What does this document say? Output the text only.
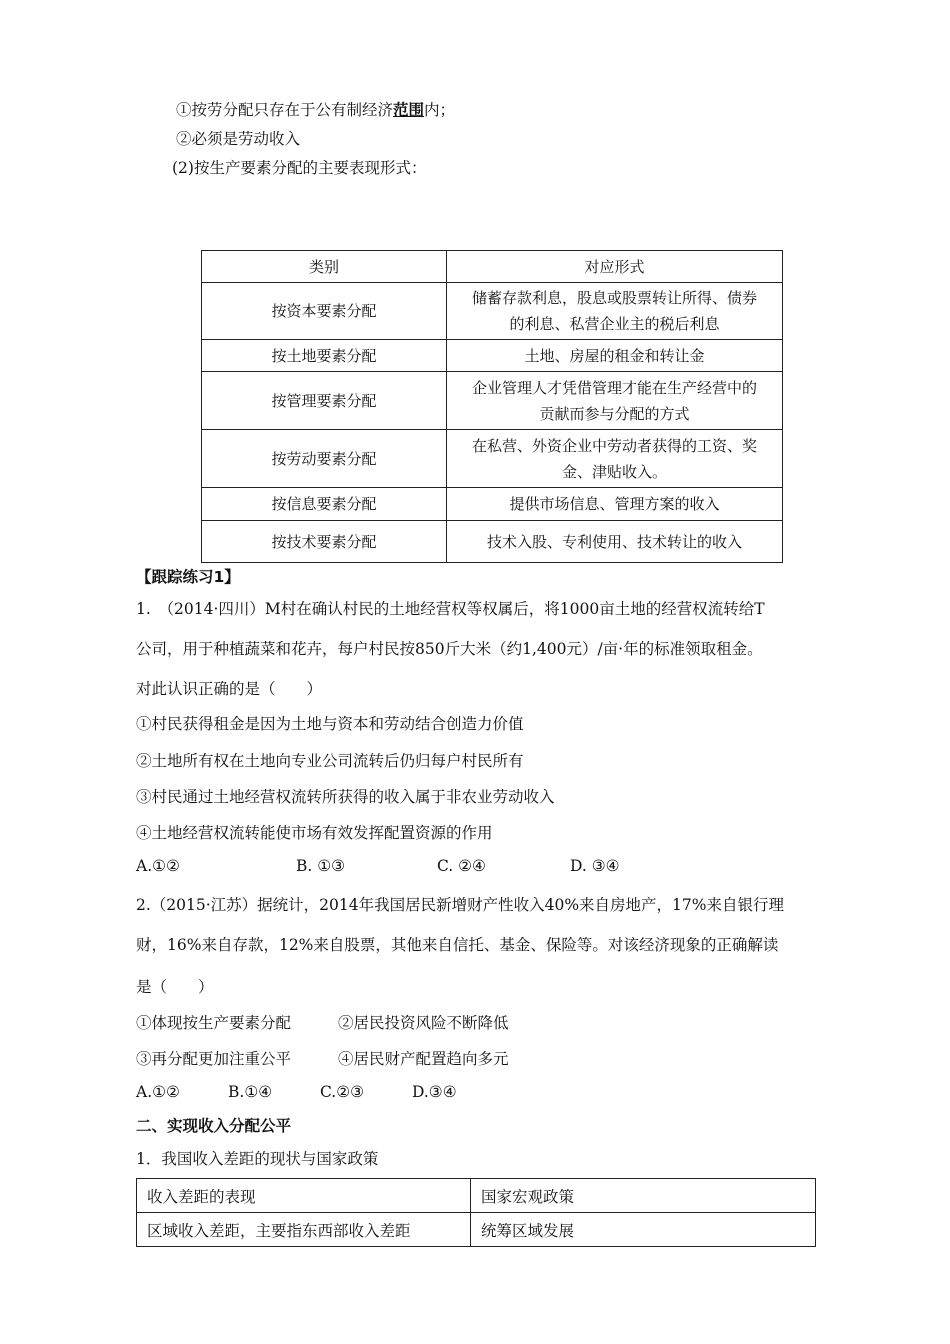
①按劳分配只存在于公有制经济范围内；
②必须是劳动收入
(2)按生产要素分配的主要表现形式：
类别	对应形式
按资本要素分配	储蓄存款利息，股息或股票转让所得、债券
的利息、私营企业主的税后利息

按土地要素分配	土地、房屋的租金和转让金
按管理要素分配	企业管理人才凭借管理才能在生产经营中的
贡献而参与分配的方式

按劳动要素分配	在私营、外资企业中劳动者获得的工资、奖
金、津贴收入。

按信息要素分配	提供市场信息、管理方案的收入
按技术要素分配	技术入股、专利使用、技术转让的收入
【跟踪练习1】
1.　（2014·四川）M村在确认村民的土地经营权等权属后，将1000亩土地的经营权流转给T
公司，用于种植蔬菜和花卉，每户村民按850斤大米（约1,400元）/亩·年的标准领取租金。
对此认识正确的是（　　）
①村民获得租金是因为土地与资本和劳动结合创造力价值
②土地所有权在土地向专业公司流转后仍归每户村民所有
③村民通过土地经营权流转所获得的收入属于非农业劳动收入
④土地经营权流转能使市场有效发挥配置资源的作用
A.①②	B. ①③	C. ②④	D. ③④
2.（2015·江苏）据统计，2014年我国居民新增财产性收入40%来自房地产，17%来自银行理
财，16%来自存款，12%来自股票，其他来自信托、基金、保险等。对该经济现象的正确解读
是（　　）
①体现按生产要素分配	②居民投资风险不断降低
③再分配更加注重公平	④居民财产配置趋向多元
A.①②	B.①④	C.②③	D.③④
二、实现收入分配公平
1．我国收入差距的现状与国家政策
收入差距的表现	国家宏观政策
区域收入差距，主要指东西部收入差距	统筹区域发展
